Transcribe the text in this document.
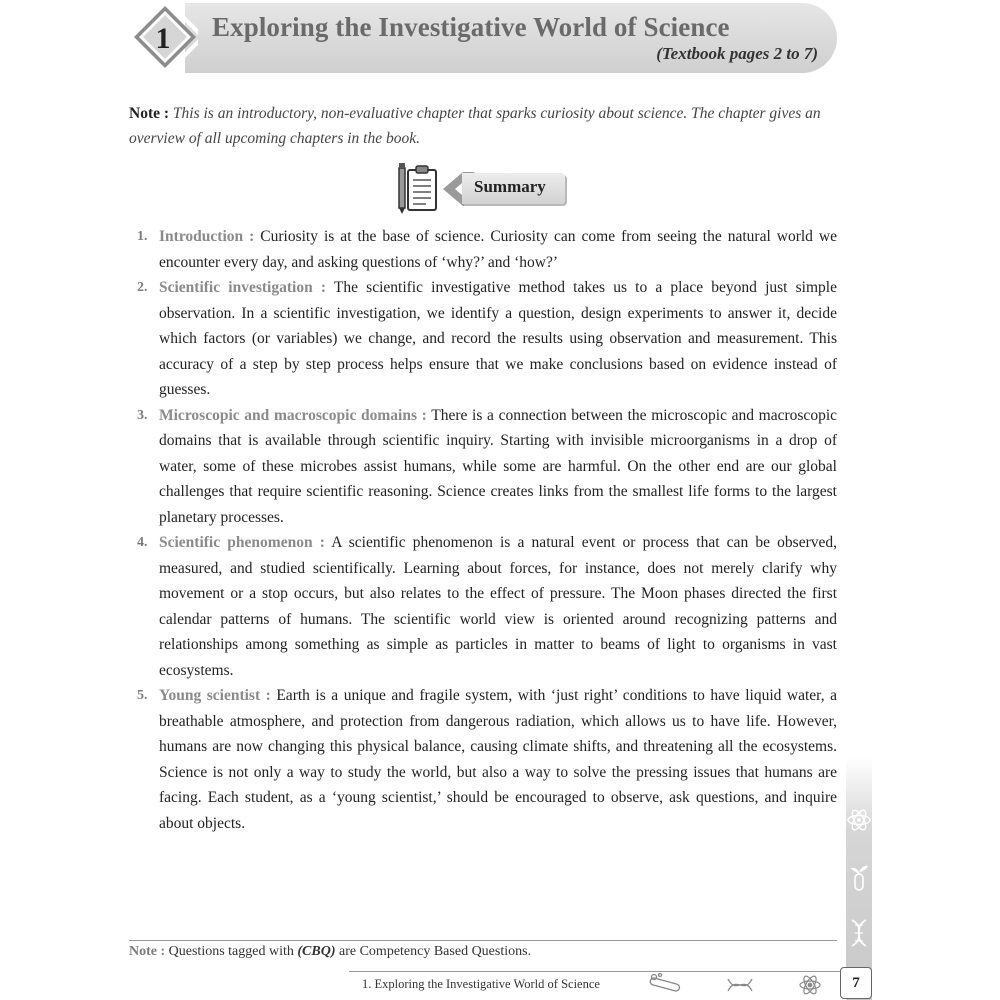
1 Exploring the Investigative World of Science
(Textbook pages 2 to 7)
Note : This is an introductory, non-evaluative chapter that sparks curiosity about science. The chapter gives an overview of all upcoming chapters in the book.
Summary
1. Introduction : Curiosity is at the base of science. Curiosity can come from seeing the natural world we encounter every day, and asking questions of ‘why?’ and ‘how?’
2. Scientific investigation : The scientific investigative method takes us to a place beyond just simple observation. In a scientific investigation, we identify a question, design experiments to answer it, decide which factors (or variables) we change, and record the results using observation and measurement. This accuracy of a step by step process helps ensure that we make conclusions based on evidence instead of guesses.
3. Microscopic and macroscopic domains : There is a connection between the microscopic and macroscopic domains that is available through scientific inquiry. Starting with invisible microorganisms in a drop of water, some of these microbes assist humans, while some are harmful. On the other end are our global challenges that require scientific reasoning. Science creates links from the smallest life forms to the largest planetary processes.
4. Scientific phenomenon : A scientific phenomenon is a natural event or process that can be observed, measured, and studied scientifically. Learning about forces, for instance, does not merely clarify why movement or a stop occurs, but also relates to the effect of pressure. The Moon phases directed the first calendar patterns of humans. The scientific world view is oriented around recognizing patterns and relationships among something as simple as particles in matter to beams of light to organisms in vast ecosystems.
5. Young scientist : Earth is a unique and fragile system, with ‘just right’ conditions to have liquid water, a breathable atmosphere, and protection from dangerous radiation, which allows us to have life. However, humans are now changing this physical balance, causing climate shifts, and threatening all the ecosystems. Science is not only a way to study the world, but also a way to solve the pressing issues that humans are facing. Each student, as a ‘young scientist,’ should be encouraged to observe, ask questions, and inquire about objects.
Note : Questions tagged with (CBQ) are Competency Based Questions.
1. Exploring the Investigative World of Science	7
